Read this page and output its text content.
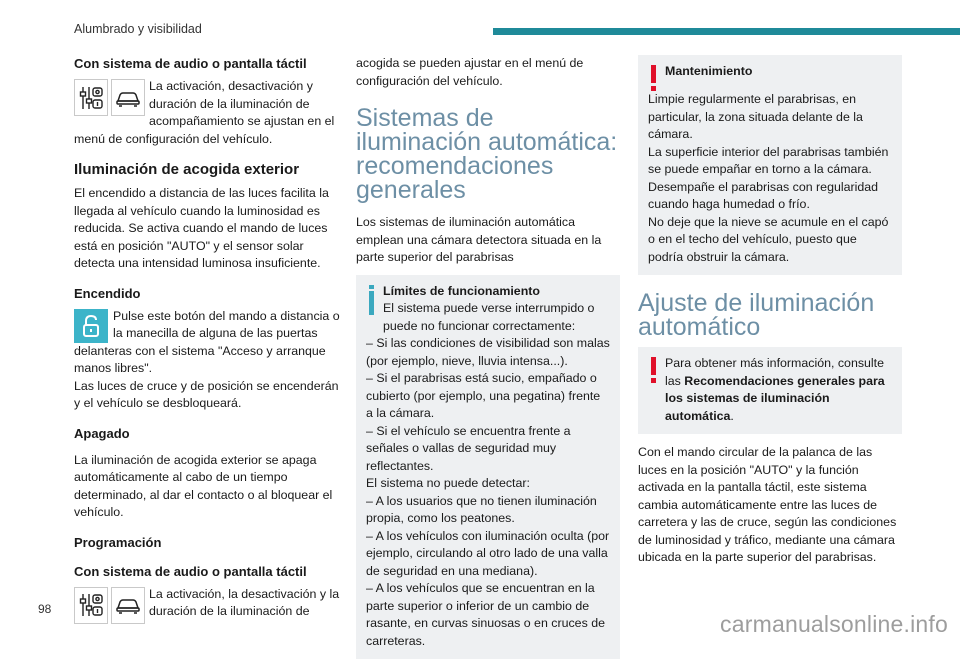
Alumbrado y visibilidad
Con sistema de audio o pantalla táctil

La activación, desactivación y duración de la iluminación de acompañamiento se ajustan en el menú de configuración del vehículo.

Iluminación de acogida exterior

El encendido a distancia de las luces facilita la llegada al vehículo cuando la luminosidad es reducida. Se activa cuando el mando de luces está en posición "AUTO" y el sensor solar detecta una intensidad luminosa insuficiente.

Encendido

Pulse este botón del mando a distancia o la manecilla de alguna de las puertas delanteras con el sistema "Acceso y arranque manos libres".

Las luces de cruce y de posición se encenderán y el vehículo se desbloqueará.

Apagado

La iluminación de acogida exterior se apaga automáticamente al cabo de un tiempo determinado, al dar el contacto o al bloquear el vehículo.

Programación
Con sistema de audio o pantalla táctil

La activación, la desactivación y la duración de la iluminación de

acogida se pueden ajustar en el menú de configuración del vehículo.

Sistemas de iluminación automática: recomendaciones generales

Los sistemas de iluminación automática emplean una cámara detectora situada en la parte superior del parabrisas

Límites de funcionamiento
El sistema puede verse interrumpido o puede no funcionar correctamente:
– Si las condiciones de visibilidad son malas (por ejemplo, nieve, lluvia intensa...).
– Si el parabrisas está sucio, empañado o cubierto (por ejemplo, una pegatina) frente a la cámara.
– Si el vehículo se encuentra frente a señales o vallas de seguridad muy reflectantes.
El sistema no puede detectar:
– A los usuarios que no tienen iluminación propia, como los peatones.
– A los vehículos con iluminación oculta (por ejemplo, circulando al otro lado de una valla de seguridad en una mediana).
– A los vehículos que se encuentran en la parte superior o inferior de un cambio de rasante, en curvas sinuosas o en cruces de carreteras.
Mantenimiento
Limpie regularmente el parabrisas, en particular, la zona situada delante de la cámara.
La superficie interior del parabrisas también se puede empañar en torno a la cámara. Desempañe el parabrisas con regularidad cuando haga humedad o frío.
No deje que la nieve se acumule en el capó o en el techo del vehículo, puesto que podría obstruir la cámara.
Ajuste de iluminación automático
Para obtener más información, consulte las Recomendaciones generales para los sistemas de iluminación automática.

Con el mando circular de la palanca de las luces en la posición "AUTO" y la función activada en la pantalla táctil, este sistema cambia automáticamente entre las luces de carretera y las de cruce, según las condiciones de luminosidad y tráfico, mediante una cámara ubicada en la parte superior del parabrisas.

98
carmanualsonline.info
